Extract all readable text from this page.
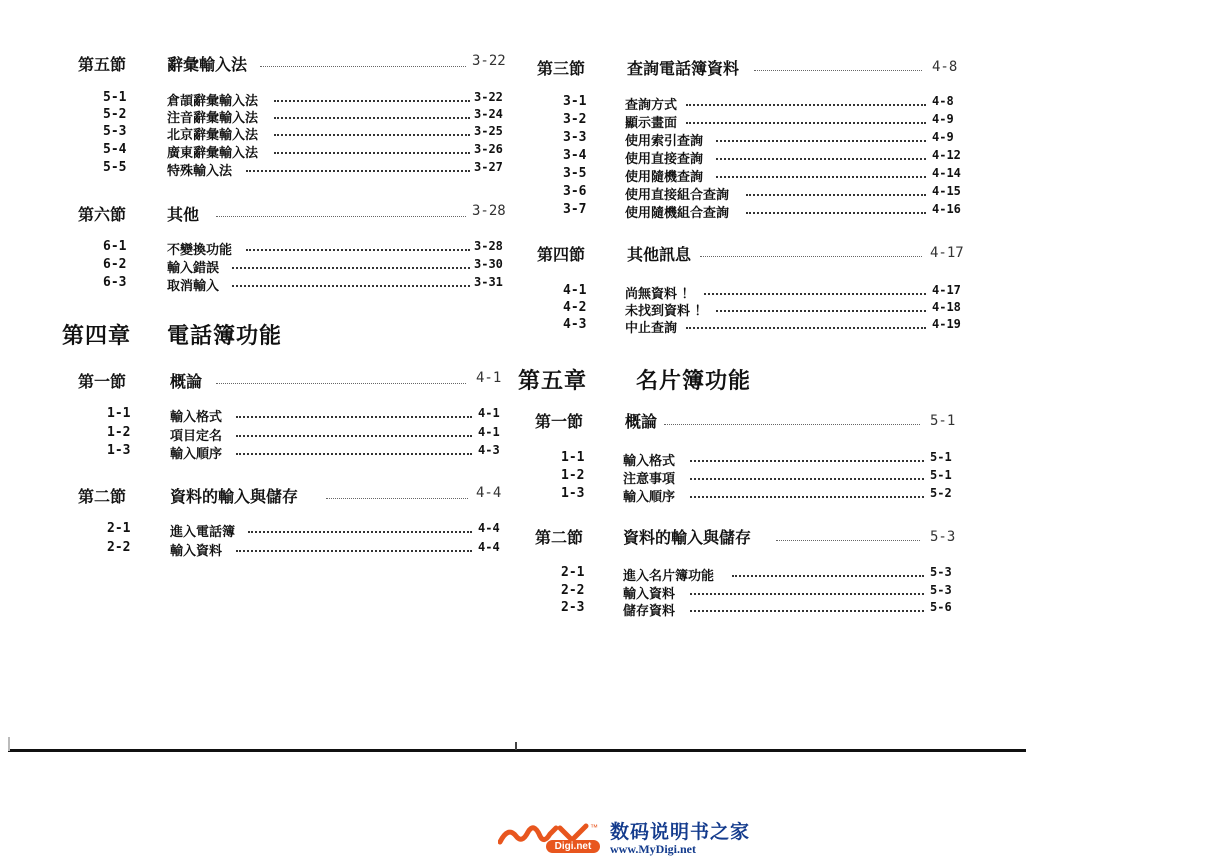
第五節	辭彙輸入法	3-22
5-1	倉頡辭彙輸入法	3-22
5-2	注音辭彙輸入法	3-24
5-3	北京辭彙輸入法	3-25
5-4	廣東辭彙輸入法	3-26
5-5	特殊輸入法	3-27
第六節	其他	3-28
6-1	不變換功能	3-28
6-2	輸入錯誤	3-30
6-3	取消輸入	3-31
第四章 電話簿功能
第一節	概論	4-1
1-1	輸入格式	4-1
1-2	項目定名	4-1
1-3	輸入順序	4-3
第二節	資料的輸入與儲存	4-4
2-1	進入電話簿	4-4
2-2	輸入資料	4-4
第三節	查詢電話簿資料	4-8
3-1	查詢方式	4-8
3-2	顯示畫面	4-9
3-3	使用索引查詢	4-9
3-4	使用直接查詢	4-12
3-5	使用隨機查詢	4-14
3-6	使用直接組合查詢	4-15
3-7	使用隨機組合查詢	4-16
第四節	其他訊息	4-17
4-1	尚無資料 ！	4-17
4-2	未找到資料 ！	4-18
4-3	中止查詢	4-19
第五章 名片簿功能
第一節	概論	5-1
1-1	輸入格式	5-1
1-2	注意事項	5-1
1-3	輸入順序	5-2
第二節 資料的輸入與儲存	5-3
2-1	進入名片簿功能	5-3
2-2	輸入資料	5-3
2-3	儲存資料	5-6
™
Digi.net
数码说明书之家
www.MyDigi.net
